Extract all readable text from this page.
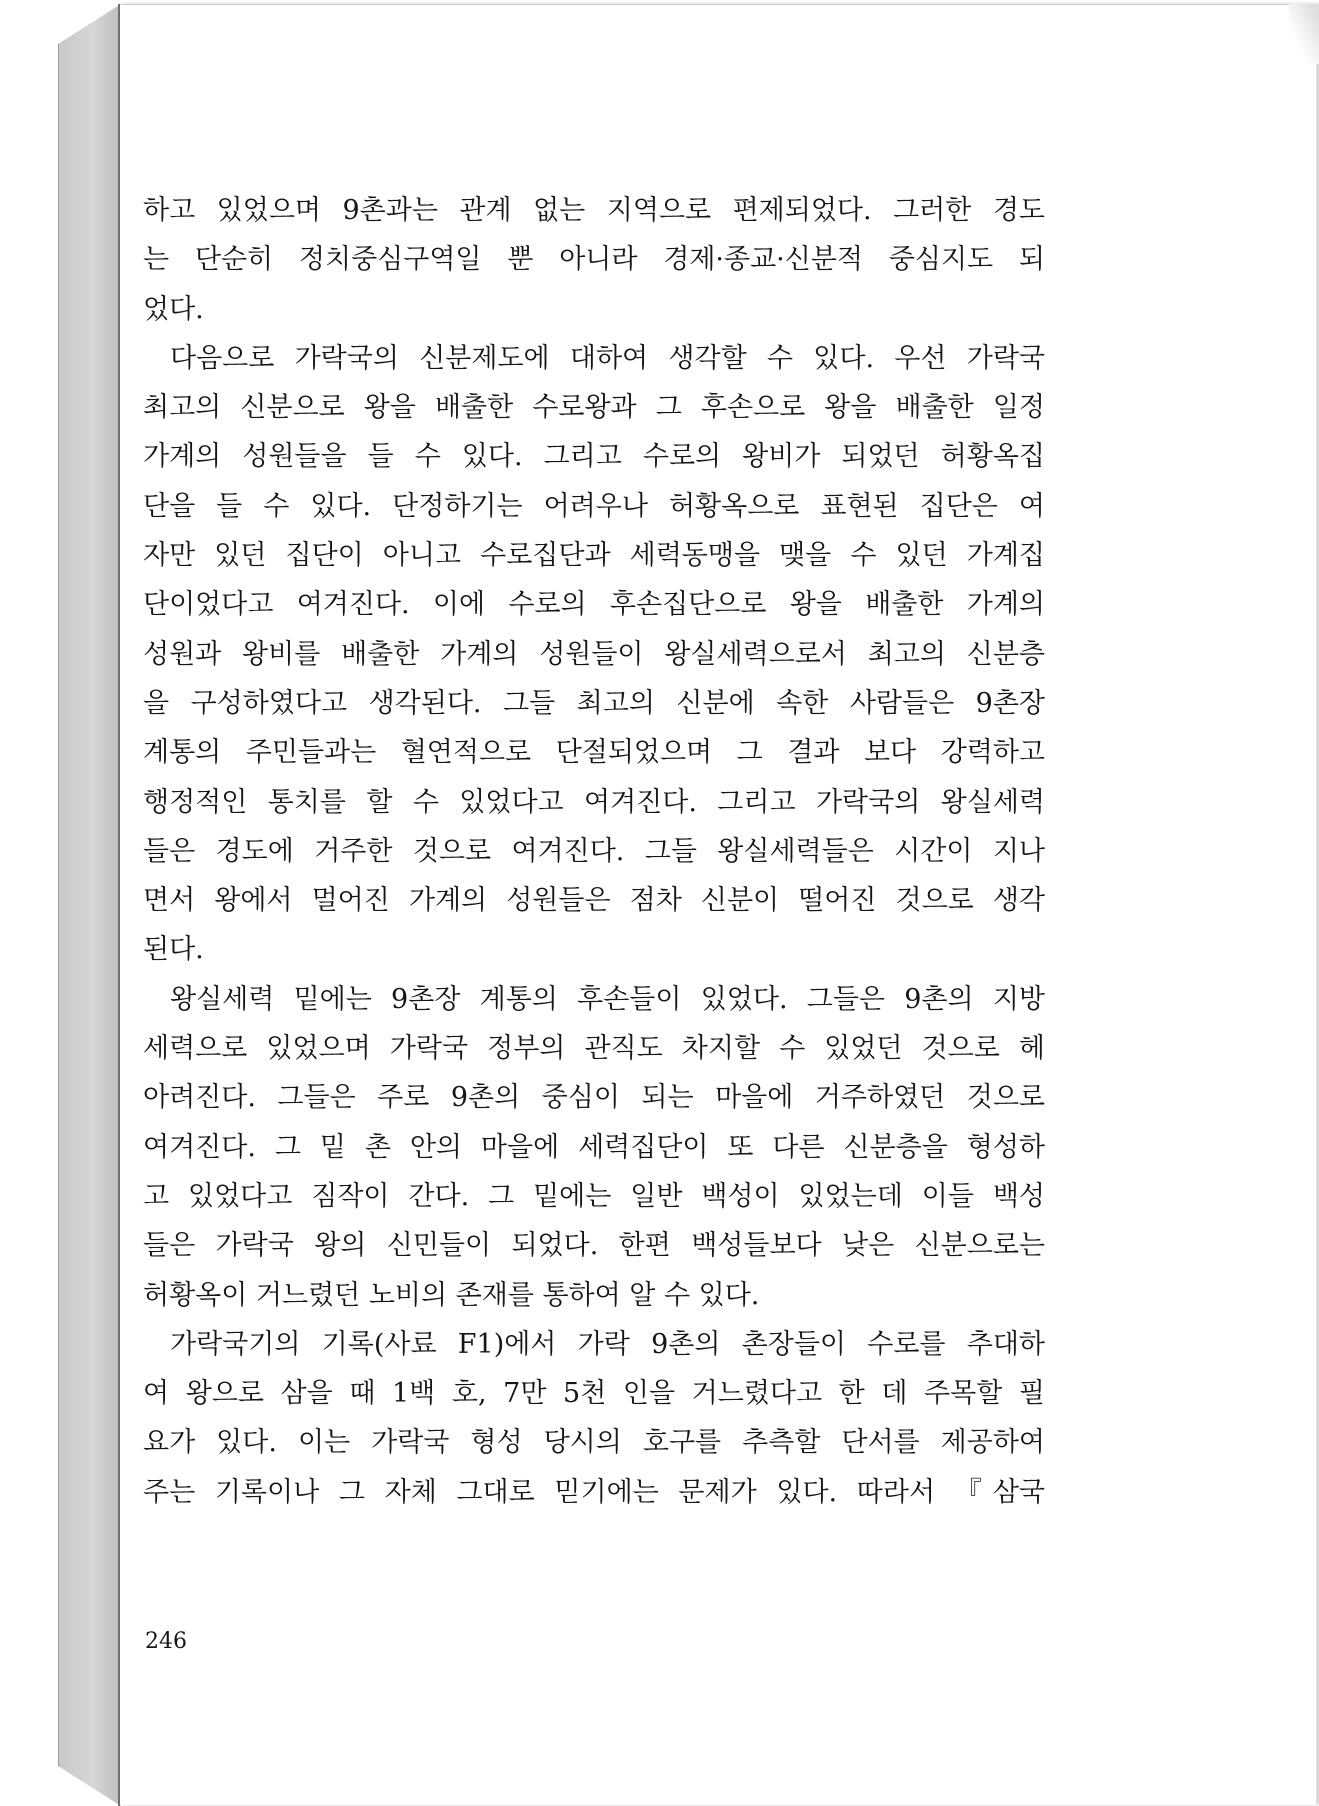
하고 있었으며 9촌과는 관계 없는 지역으로 편제되었다. 그러한 경도
는 단순히 정치중심구역일 뿐 아니라 경제·종교·신분적 중심지도 되
었다.
다음으로 가락국의 신분제도에 대하여 생각할 수 있다. 우선 가락국
최고의 신분으로 왕을 배출한 수로왕과 그 후손으로 왕을 배출한 일정
가계의 성원들을 들 수 있다. 그리고 수로의 왕비가 되었던 허황옥집
단을 들 수 있다. 단정하기는 어려우나 허황옥으로 표현된 집단은 여
자만 있던 집단이 아니고 수로집단과 세력동맹을 맺을 수 있던 가계집
단이었다고 여겨진다. 이에 수로의 후손집단으로 왕을 배출한 가계의
성원과 왕비를 배출한 가계의 성원들이 왕실세력으로서 최고의 신분층
을 구성하였다고 생각된다. 그들 최고의 신분에 속한 사람들은 9촌장
계통의 주민들과는 혈연적으로 단절되었으며 그 결과 보다 강력하고
행정적인 통치를 할 수 있었다고 여겨진다. 그리고 가락국의 왕실세력
들은 경도에 거주한 것으로 여겨진다. 그들 왕실세력들은 시간이 지나
면서 왕에서 멀어진 가계의 성원들은 점차 신분이 떨어진 것으로 생각
된다.
왕실세력 밑에는 9촌장 계통의 후손들이 있었다. 그들은 9촌의 지방
세력으로 있었으며 가락국 정부의 관직도 차지할 수 있었던 것으로 헤
아려진다. 그들은 주로 9촌의 중심이 되는 마을에 거주하였던 것으로
여겨진다. 그 밑 촌 안의 마을에 세력집단이 또 다른 신분층을 형성하
고 있었다고 짐작이 간다. 그 밑에는 일반 백성이 있었는데 이들 백성
들은 가락국 왕의 신민들이 되었다. 한편 백성들보다 낮은 신분으로는
허황옥이 거느렸던 노비의 존재를 통하여 알 수 있다.
가락국기의 기록(사료 F1)에서 가락 9촌의 촌장들이 수로를 추대하
여 왕으로 삼을 때 1백 호, 7만 5천 인을 거느렸다고 한 데 주목할 필
요가 있다. 이는 가락국 형성 당시의 호구를 추측할 단서를 제공하여
주는 기록이나 그 자체 그대로 믿기에는 문제가 있다. 따라서 『삼국
246
